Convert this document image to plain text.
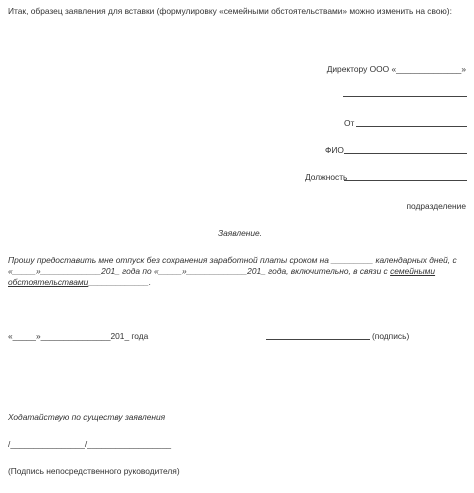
Итак, образец заявления для вставки (формулировку «семейными обстоятельствами» можно изменить на свою):
Директору ООО «______________»
От
ФИО
Должность
подразделение
Заявление.
Прошу предоставить мне отпуск без сохранения заработной платы сроком на _________ календарных дней, с
«_____»_____________201_ года по «_____»_____________201_ года, включительно, в связи с семейными
обстоятельствами_____________.
«_____»_______________201_ года	(подпись)
Ходатайствую по существу заявления
/________________/__________________
(Подпись непосредственного руководителя)
